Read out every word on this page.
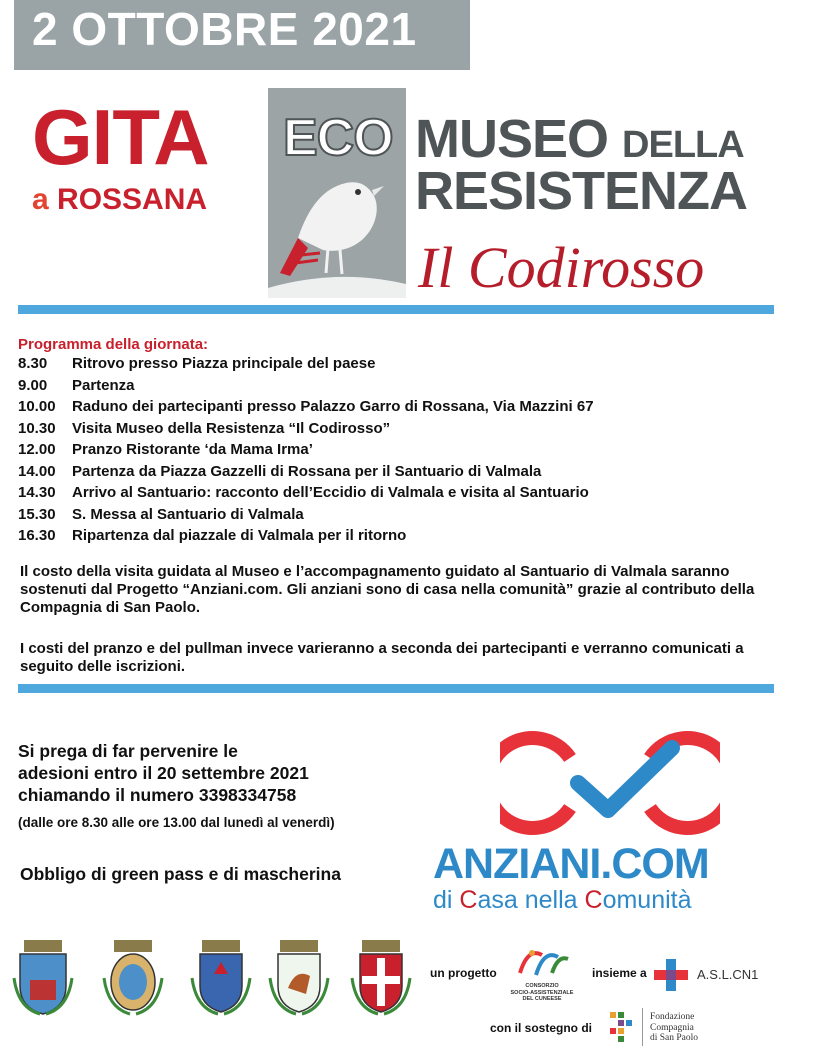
2 OTTOBRE 2021
GITA
a ROSSANA
ECO MUSEO DELLA
RESISTENZA
Il Codirosso
Programma della giornata:
8.30	Ritrovo presso Piazza principale del paese
9.00	Partenza
10.00	Raduno dei partecipanti presso Palazzo Garro di Rossana, Via Mazzini 67
10.30	Visita Museo della Resistenza “Il Codirosso”
12.00	Pranzo Ristorante ‘da Mama Irma’
14.00	Partenza da Piazza Gazzelli di Rossana per il Santuario di Valmala
14.30	Arrivo al Santuario: racconto dell’Eccidio di Valmala e visita al Santuario
15.30	S. Messa al Santuario di Valmala
16.30	Ripartenza dal piazzale di Valmala per il ritorno
Il costo della visita guidata al Museo e l’accompagnamento guidato al Santuario di Valmala saranno sostenuti dal Progetto “Anziani.com. Gli anziani sono di casa nella comunità” grazie al contributo della Compagnia di San Paolo.
I costi del pranzo e del pullman invece varieranno a seconda dei partecipanti e verranno comunicati a seguito delle iscrizioni.
Si prega di far pervenire le
adesioni entro il 20 settembre 2021
chiamando il numero 3398334758
(dalle ore 8.30 alle ore 13.00 dal lunedì al venerdì)
Obbligo di green pass e di mascherina ANZIANI.COM
di Casa nella Comunità
un progetto
CONSORZIO
SOCIO-ASSISTENZIALE
DEL CUNEESE
insieme a	A.S.L.CN1
con il sostegno di
Fondazione
Compagnia
di San Paolo
